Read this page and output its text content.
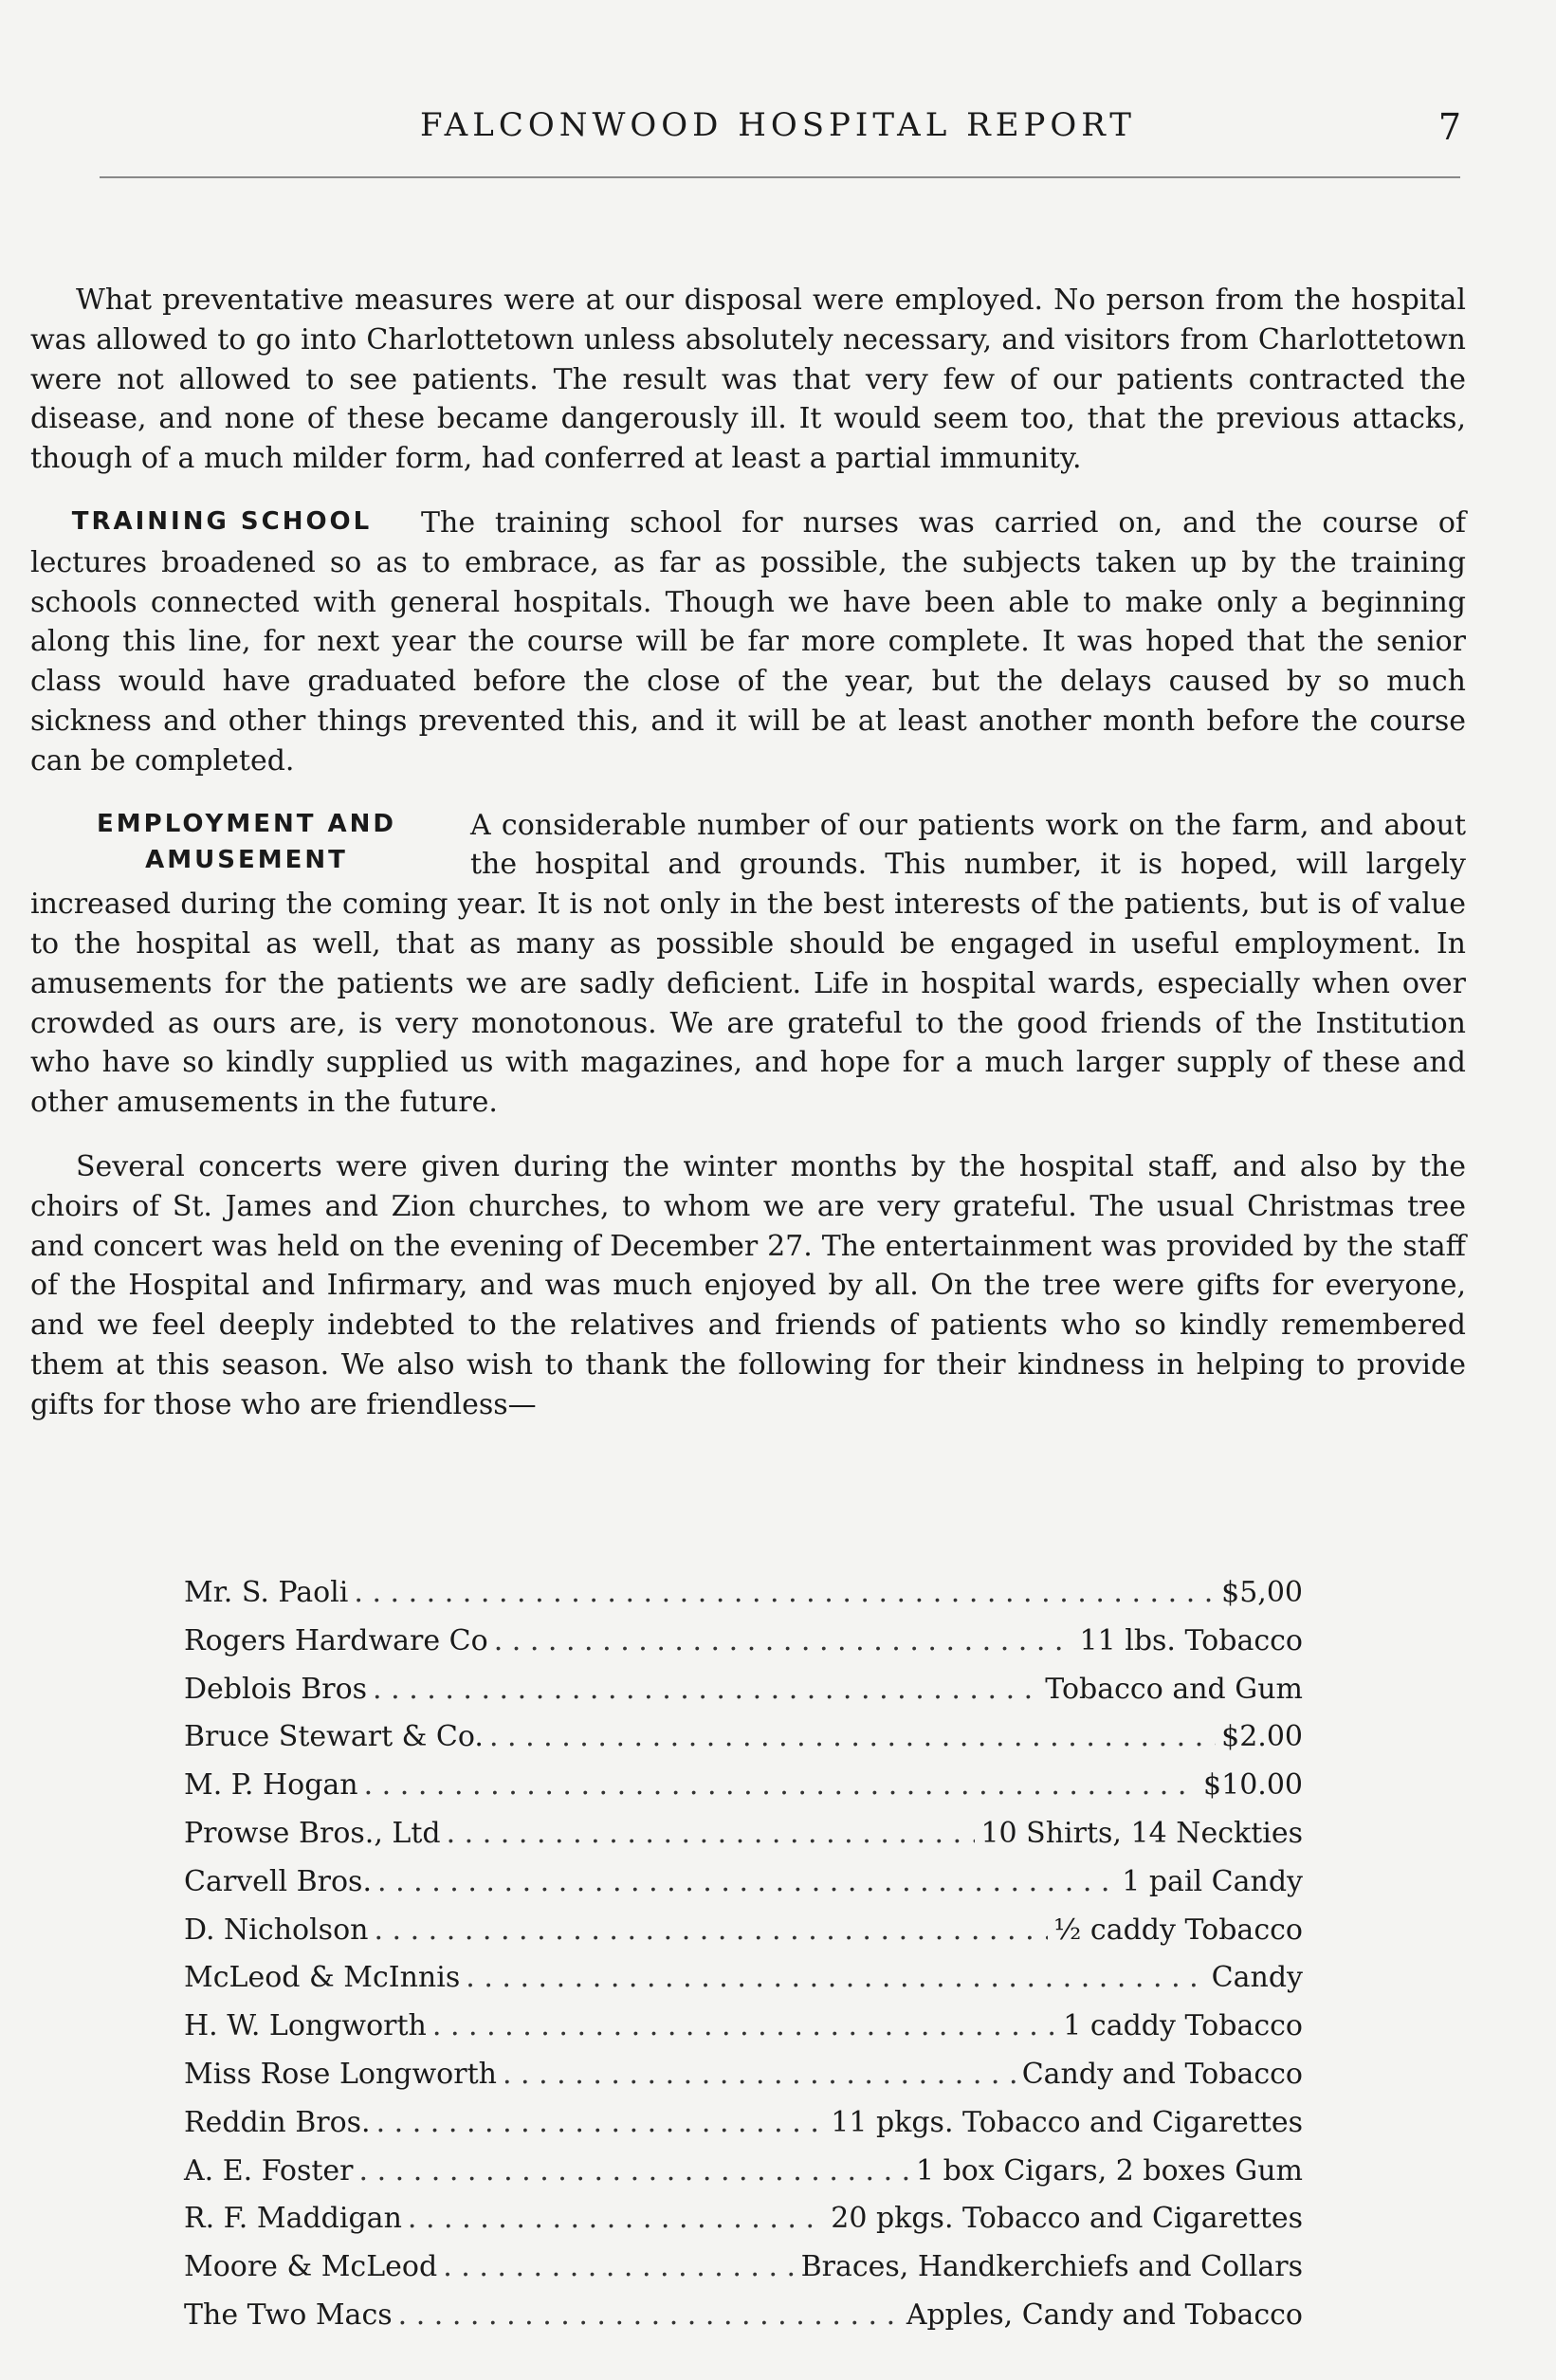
FALCONWOOD HOSPITAL REPORT	7

What preventative measures were at our disposal were employed. No person from the hospital was allowed to go into Charlottetown unless absolutely necessary, and visitors from Charlottetown were not allowed to see patients. The result was that very few of our patients contracted the disease, and none of these became dangerously ill. It would seem too, that the previous attacks, though of a much milder form, had conferred at least a partial immunity.

TRAINING SCHOOL	The training school for nurses was carried on, and the course of lectures broadened so as to embrace, as far as possible, the subjects taken up by the training schools connected with general hospitals. Though we have been able to make only a beginning along this line, for next year the course will be far more complete. It was hoped that the senior class would have graduated before the close of the year, but the delays caused by so much sickness and other things prevented this, and it will be at least another month before the course can be completed.

EMPLOYMENT AND AMUSEMENT
A considerable number of our patients work on the farm, and about the hospital and grounds. This number, it is hoped, will largely increased during the coming year. It is not only in the best interests of the patients, but is of value to the hospital as well, that as many as possible should be engaged in useful employment. In amusements for the patients we are sadly deficient. Life in hospital wards, especially when over crowded as ours are, is very monotonous. We are grateful to the good friends of the Institution who have so kindly supplied us with magazines, and hope for a much larger supply of these and other amusements in the future.

Several concerts were given during the winter months by the hospital staff, and also by the choirs of St. James and Zion churches, to whom we are very grateful. The usual Christmas tree and concert was held on the evening of December 27. The entertainment was provided by the staff of the Hospital and Infirmary, and was much enjoyed by all. On the tree were gifts for everyone, and we feel deeply indebted to the relatives and friends of patients who so kindly remembered them at this season. We also wish to thank the following for their kindness in helping to provide gifts for those who are friendless—

Mr. S. Paoli . . .	$5,00
Rogers Hardware Co . . .	11 lbs. Tobacco
Deblois Bros . . .	Tobacco and Gum
Bruce Stewart & Co. . . .	$2.00
M. P. Hogan . . .	$10.00
Prowse Bros., Ltd . . .	10 Shirts, 14 Neckties
Carvell Bros. . . .	1 pail Candy
D. Nicholson . . .	½ caddy Tobacco
McLeod & McInnis . . .	Candy
H. W. Longworth . . .	1 caddy Tobacco
Miss Rose Longworth . . .	Candy and Tobacco
Reddin Bros. . . .	11 pkgs. Tobacco and Cigarettes
A. E. Foster . . .	1 box Cigars, 2 boxes Gum
R. F. Maddigan . . .	20 pkgs. Tobacco and Cigarettes
Moore & McLeod . . .	Braces, Handkerchiefs and Collars
The Two Macs . . .	Apples, Candy and Tobacco
